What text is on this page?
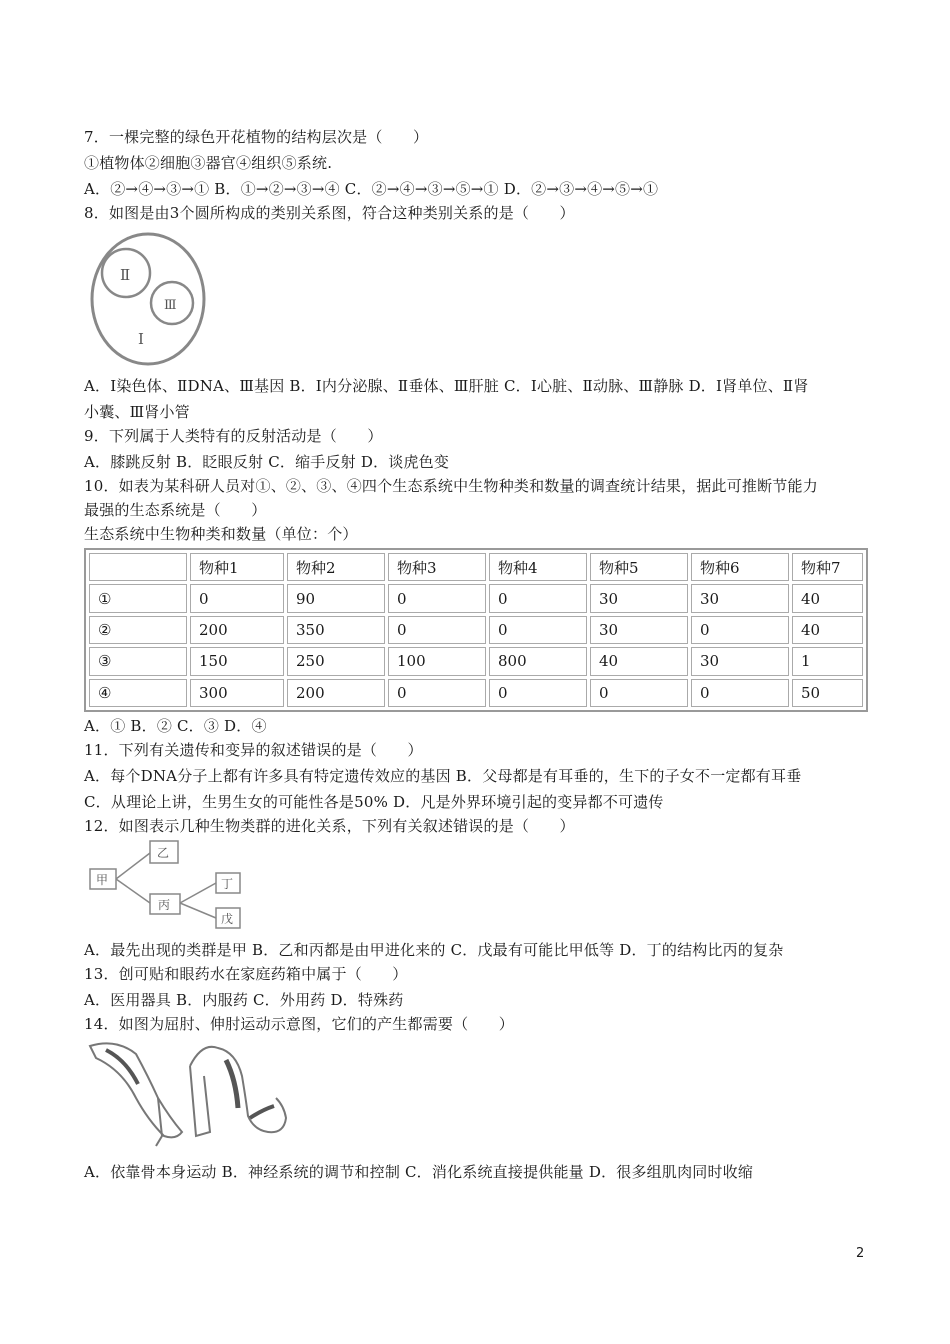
7．一棵完整的绿色开花植物的结构层次是（　　）
①植物体②细胞③器官④组织⑤系统.
A．②→④→③→① B．①→②→③→④ C．②→④→③→⑤→① D．②→③→④→⑤→①
8．如图是由3个圆所构成的类别关系图，符合这种类别关系的是（　　）
Ⅱ
Ⅲ
Ⅰ
A．Ⅰ染色体、ⅡDNA、Ⅲ基因 B．Ⅰ内分泌腺、Ⅱ垂体、Ⅲ肝脏 C．Ⅰ心脏、Ⅱ动脉、Ⅲ静脉 D．Ⅰ肾单位、Ⅱ肾
小囊、Ⅲ肾小管
9．下列属于人类特有的反射活动是（　　）
A．膝跳反射 B．眨眼反射 C．缩手反射 D．谈虎色变
10．如表为某科研人员对①、②、③、④四个生态系统中生物种类和数量的调查统计结果，据此可推断节能力
最强的生态系统是（　　）
生态系统中生物种类和数量（单位：个）
	物种1	物种2	物种3	物种4	物种5	物种6	物种7
①	0	90	0	0	30	30	40
②	200	350	0	0	30	0	40
③	150	250	100	800	40	30	1
④	300	200	0	0	0	0	50
A．① B．② C．③ D．④
11．下列有关遗传和变异的叙述错误的是（　　）
A．每个DNA分子上都有许多具有特定遗传效应的基因 B．父母都是有耳垂的，生下的子女不一定都有耳垂
C．从理论上讲，生男生女的可能性各是50% D．凡是外界环境引起的变异都不可遗传
12．如图表示几种生物类群的进化关系，下列有关叙述错误的是（　　）
甲
乙
丙
丁
戊
A．最先出现的类群是甲 B．乙和丙都是由甲进化来的 C．戊最有可能比甲低等 D．丁的结构比丙的复杂
13．创可贴和眼药水在家庭药箱中属于（　　）
A．医用器具 B．内服药 C．外用药 D．特殊药
14．如图为屈肘、伸肘运动示意图，它们的产生都需要（　　）
A．依靠骨本身运动 B．神经系统的调节和控制 C．消化系统直接提供能量 D．很多组肌肉同时收缩
2
